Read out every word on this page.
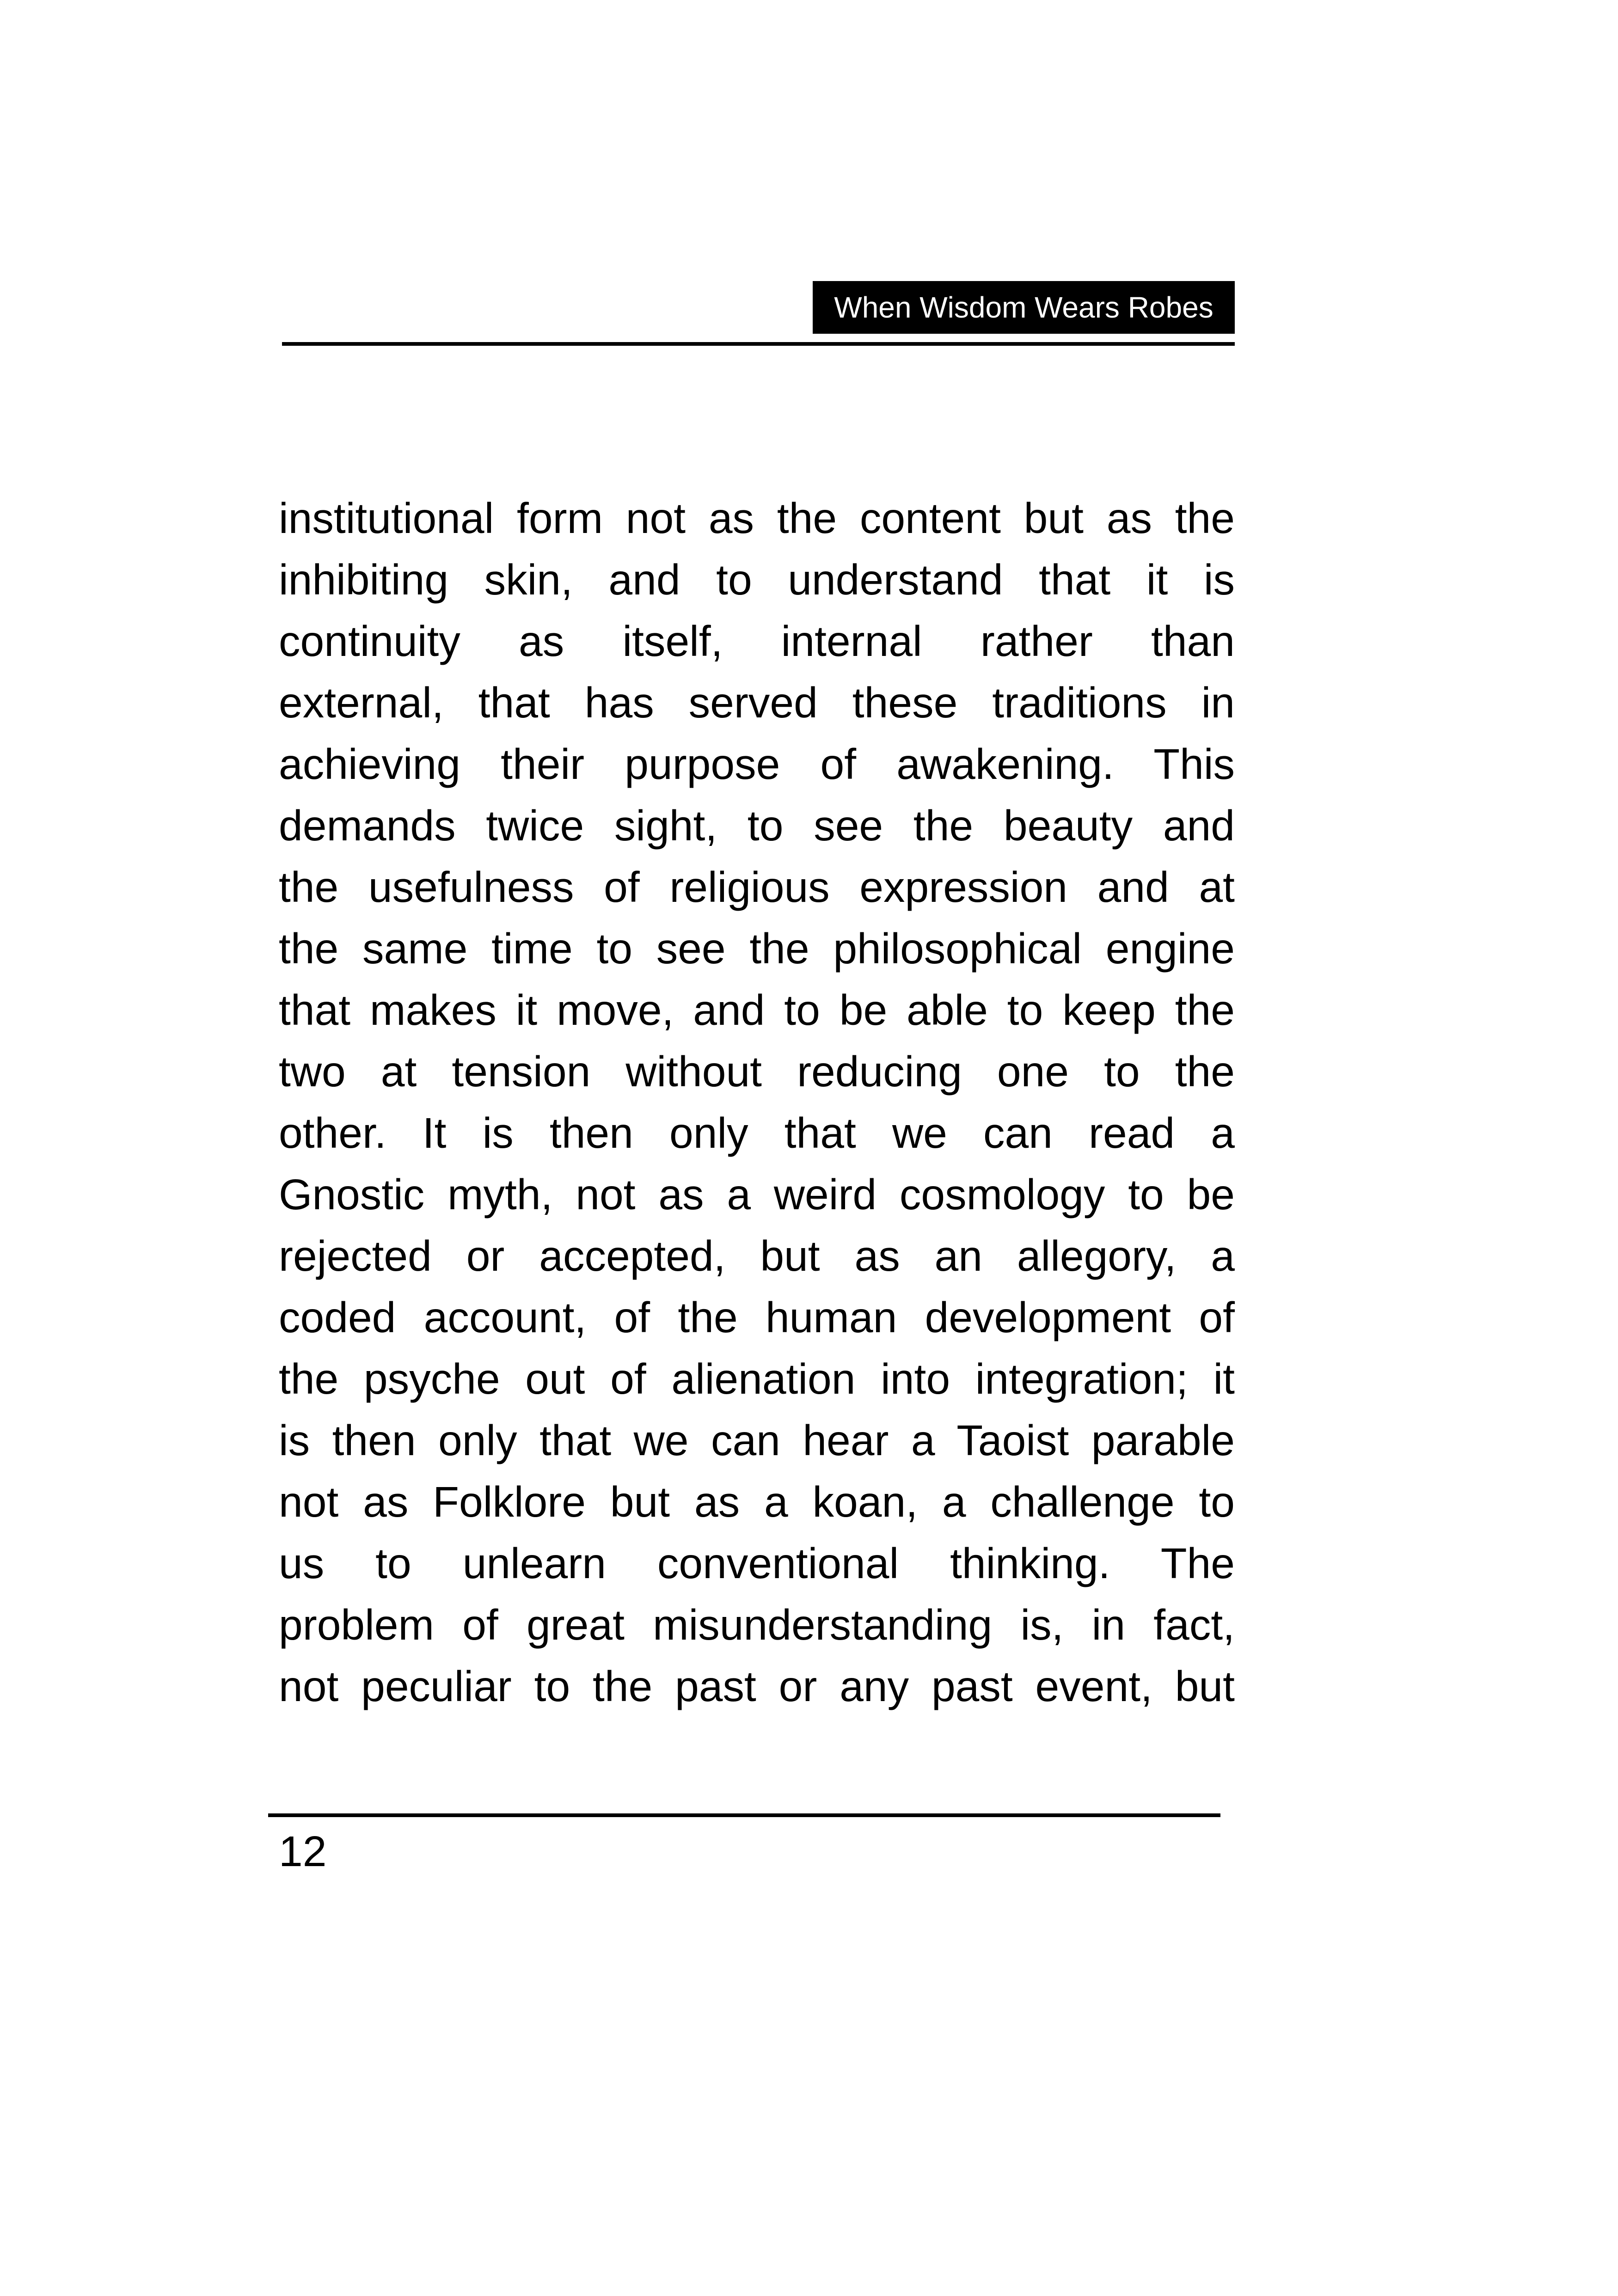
When Wisdom Wears Robes
institutional form not as the content but as the
inhibiting skin, and to understand that it is
continuity as itself, internal rather than
external, that has served these traditions in
achieving their purpose of awakening. This
demands twice sight, to see the beauty and
the usefulness of religious expression and at
the same time to see the philosophical engine
that makes it move, and to be able to keep the
two at tension without reducing one to the
other. It is then only that we can read a
Gnostic myth, not as a weird cosmology to be
rejected or accepted, but as an allegory, a
coded account, of the human development of
the psyche out of alienation into integration; it
is then only that we can hear a Taoist parable
not as Folklore but as a koan, a challenge to
us to unlearn conventional thinking. The
problem of great misunderstanding is, in fact,
not peculiar to the past or any past event, but
12
